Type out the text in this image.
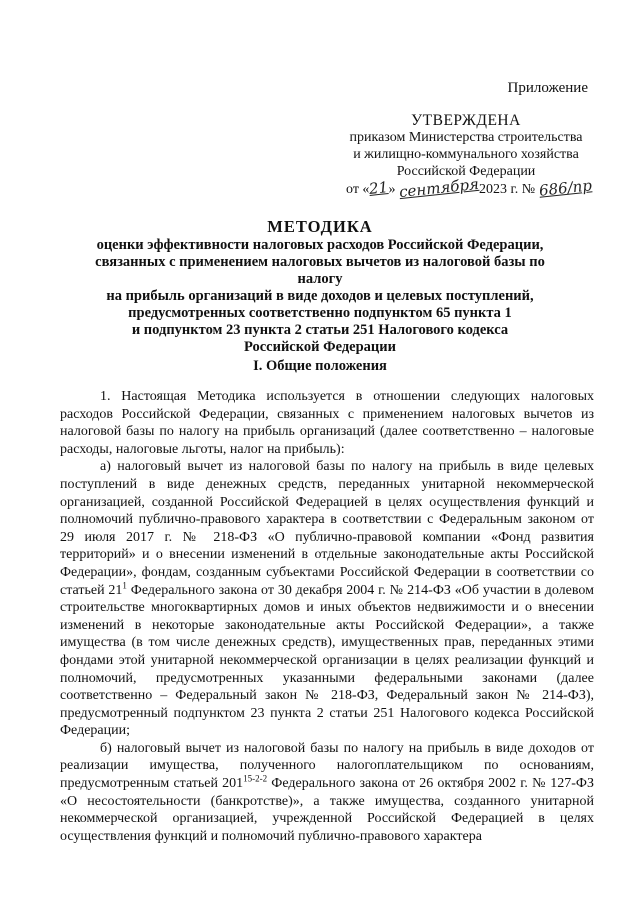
Приложение
УТВЕРЖДЕНА
приказом Министерства строительства
и жилищно-коммунального хозяйства
Российской Федерации
от «21» сентября2023 г. № 686/пр
МЕТОДИКА
оценки эффективности налоговых расходов Российской Федерации,
связанных с применением налоговых вычетов из налоговой базы по налогу
на прибыль организаций в виде доходов и целевых поступлений,
предусмотренных соответственно подпунктом 65 пункта 1
и подпунктом 23 пункта 2 статьи 251 Налогового кодекса
Российской Федерации
I. Общие положения

1. Настоящая Методика используется в отношении следующих налоговых расходов Российской Федерации, связанных с применением налоговых вычетов из налоговой базы по налогу на прибыль организаций (далее соответственно – налоговые расходы, налоговые льготы, налог на прибыль):

а) налоговый вычет из налоговой базы по налогу на прибыль в виде целевых поступлений в виде денежных средств, переданных унитарной некоммерческой организацией, созданной Российской Федерацией в целях осуществления функций и полномочий публично-правового характера в соответствии с Федеральным законом от 29 июля 2017 г. № 218-ФЗ «О публично-правовой компании «Фонд развития территорий» и о внесении изменений в отдельные законодательные акты Российской Федерации», фондам, созданным субъектами Российской Федерации в соответствии со статьей $21^1$ Федерального закона от 30 декабря 2004 г. № 214-ФЗ «Об участии в долевом строительстве многоквартирных домов и иных объектов недвижимости и о внесении изменений в некоторые законодательные акты Российской Федерации», а также имущества (в том числе денежных средств), имущественных прав, переданных этими фондами этой унитарной некоммерческой организации в целях реализации функций и полномочий, предусмотренных указанными федеральными законами (далее соответственно – Федеральный закон № 218-ФЗ, Федеральный закон № 214-ФЗ), предусмотренный подпунктом 23 пункта 2 статьи 251 Налогового кодекса Российской Федерации;

б) налоговый вычет из налоговой базы по налогу на прибыль в виде доходов от реализации имущества, полученного налогоплательщиком по основаниям, предусмотренным статьей 201$^{15-2-2}$ Федерального закона от 26 октября 2002 г. № 127-ФЗ «О несостоятельности (банкротстве)», а также имущества, созданного унитарной некоммерческой организацией, учрежденной Российской Федерацией в целях осуществления функций и полномочий публично-правового характера
